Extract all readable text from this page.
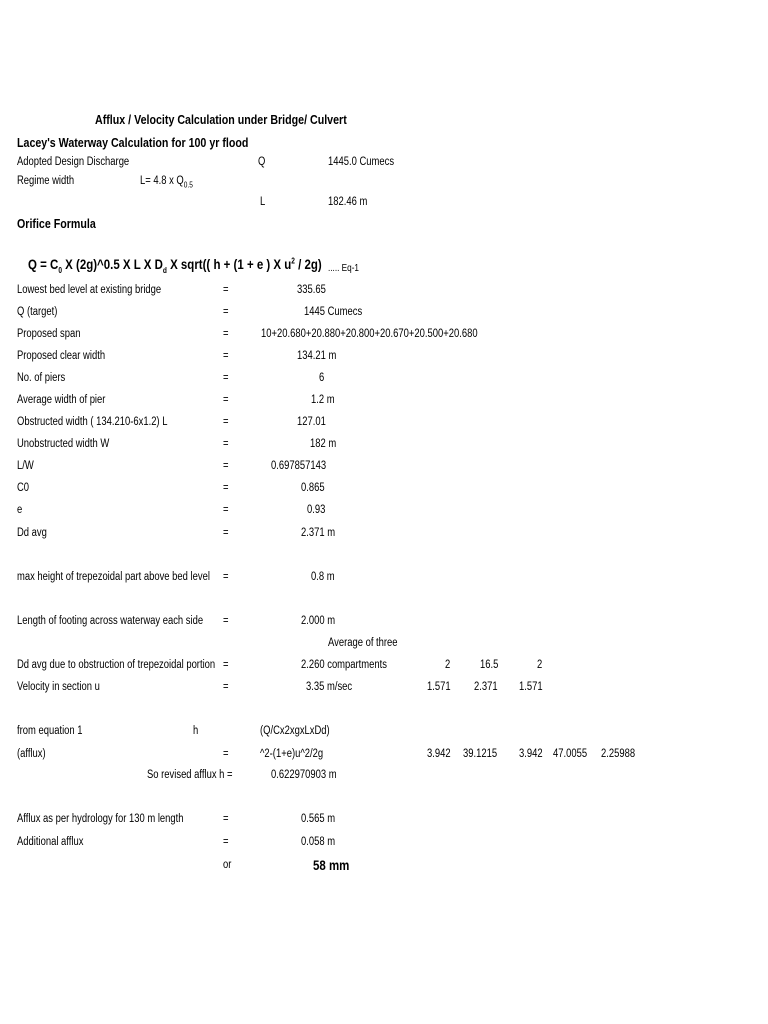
Afflux / Velocity Calculation under Bridge/ Culvert
Lacey's Waterway Calculation for 100 yr flood
Adopted Design Discharge	Q	1445.0 Cumecs
Regime width	L= 4.8 x $Q_{0.5}$
L	182.46 m
Orifice Formula
$Q = C_0$ X (2g)^0.5 X L X $D_d$ X sqrt(( h + (1 + e ) X $u^2 / 2g$) ..... Eq-1
Lowest bed level at existing bridge	=	335.65
Q (target)	=	1445 Cumecs
Proposed span	=	10+20.680+20.880+20.800+20.670+20.500+20.680
Proposed clear width	=	134.21 m
No. of piers	=	6
Average width of pier	=	1.2 m
Obstructed width ( 134.210-6x1.2) L	=	127.01
Unobstructed width W	=	182 m
L/W	=	0.697857143
C0	=	0.865
e	=	0.93
Dd avg	=	2.371 m
max height of trepezoidal part above bed level	=	0.8 m
Length of footing across waterway each side	=	2.000 m
Average of three
Dd avg due to obstruction of trepezoidal portion =	2.260 compartments	2	16.5	2
Velocity in section u	=	3.35 m/sec	1.571	2.371	1.571
from equation 1	h	(Q/Cx2xgxLxDd)
(afflux)	=	^2-(1+e)u^2/2g	3.942	39.1215	3.942 47.0055	2.25988
So revised afflux h =	0.622970903 m
Afflux as per hydrology for 130 m length	=	0.565 m
Additional afflux	=	0.058 m
or	58 mm
